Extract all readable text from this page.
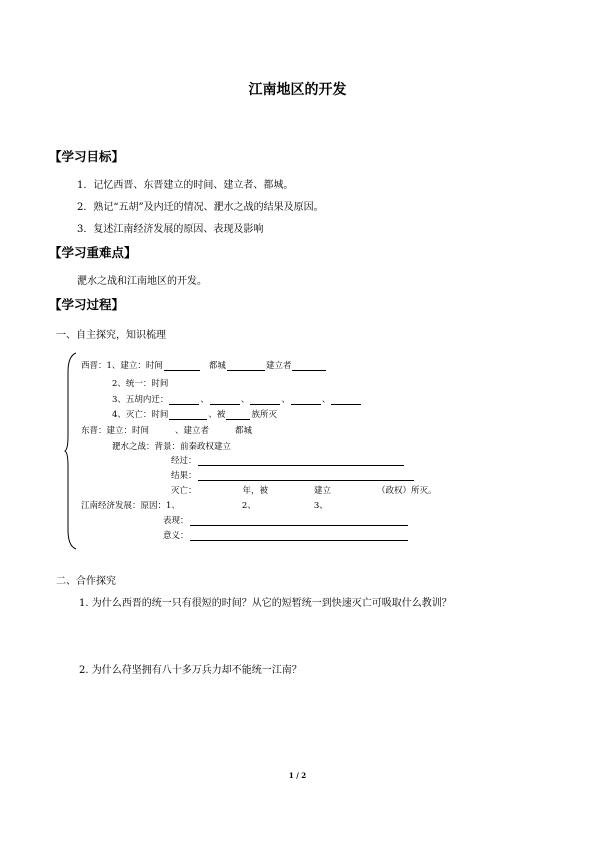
江南地区的开发
【学习目标】
1．记忆西晋、东晋建立的时间、建立者、都城。
2．熟记“五胡”及内迁的情况、淝水之战的结果及原因。
3．复述江南经济发展的原因、表现及影响
【学习重难点】
淝水之战和江南地区的开发。
【学习过程】
一、自主探究，知识梳理
西晋：1、建立：时间	都城	建立者
2、统一：时间
3、五胡内迁：	、	、	、	、
4、灭亡：时间	、被	族所灭
东晋：建立：时间	、建立者	都城
淝水之战：背景：前秦政权建立
经过：
结果：
灭亡：	年，被	建立	（政权）所灭。
江南经济发展：原因：1、	2、	3、
表现：
意义：
二、合作探究
1. 为什么西晋的统一只有很短的时间？从它的短暂统一到快速灭亡可吸取什么教训？
2. 为什么苻坚拥有八十多万兵力却不能统一江南？
1 / 2
